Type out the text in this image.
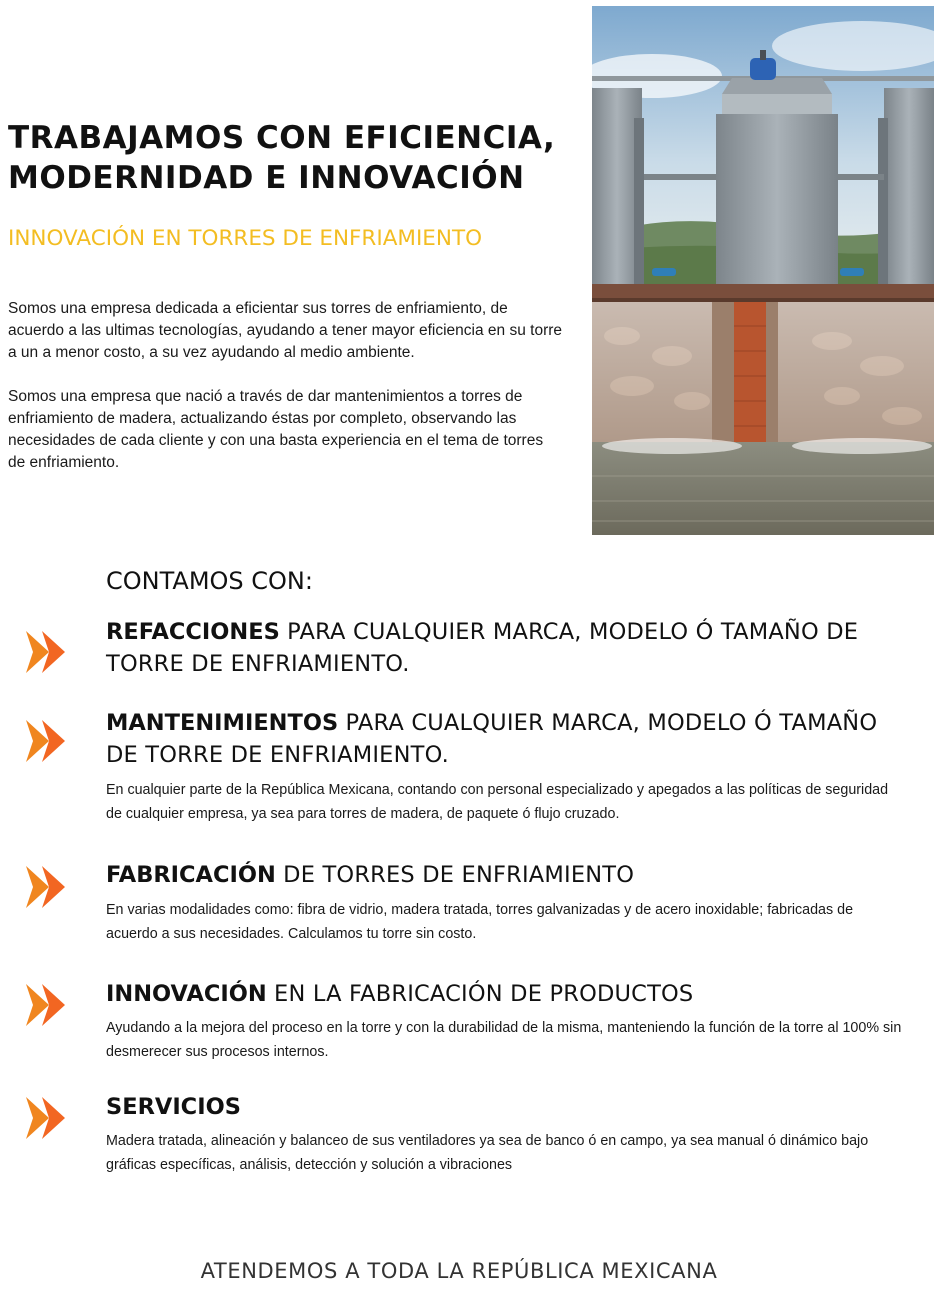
TRABAJAMOS CON EFICIENCIA,
MODERNIDAD E INNOVACIÓN
INNOVACIÓN EN TORRES DE ENFRIAMIENTO

Somos una empresa dedicada a eficientar sus torres de enfriamiento, de acuerdo a las ultimas tecnologías, ayudando a tener mayor eficiencia en su torre a un a menor costo, a su vez ayudando al medio ambiente.

Somos una empresa que nació a través de dar mantenimientos a torres de enfriamiento de madera, actualizando éstas por completo, observando las necesidades de cada cliente y con una basta experiencia en el tema de torres de enfriamiento.

CONTAMOS CON:
REFACCIONES PARA CUALQUIER MARCA, MODELO Ó TAMAÑO DE TORRE DE ENFRIAMIENTO.
MANTENIMIENTOS PARA CUALQUIER MARCA, MODELO Ó TAMAÑO DE TORRE DE ENFRIAMIENTO.

En cualquier parte de la República Mexicana, contando con personal especializado y apegados a las políticas de seguridad de cualquier empresa, ya sea para torres de madera, de paquete ó flujo cruzado.

FABRICACIÓN DE TORRES DE ENFRIAMIENTO

En varias modalidades como: fibra de vidrio, madera tratada, torres galvanizadas y de acero inoxidable; fabricadas de acuerdo a sus necesidades. Calculamos tu torre sin costo.

INNOVACIÓN EN LA FABRICACIÓN DE PRODUCTOS

Ayudando a la mejora del proceso en la torre y con la durabilidad de la misma, manteniendo la función de la torre al 100% sin desmerecer sus procesos internos.

SERVICIOS

Madera tratada, alineación y balanceo de sus ventiladores ya sea de banco ó en campo, ya sea manual ó dinámico bajo gráficas específicas, análisis, detección y solución a vibraciones

ATENDEMOS A TODA LA REPÚBLICA MEXICANA
